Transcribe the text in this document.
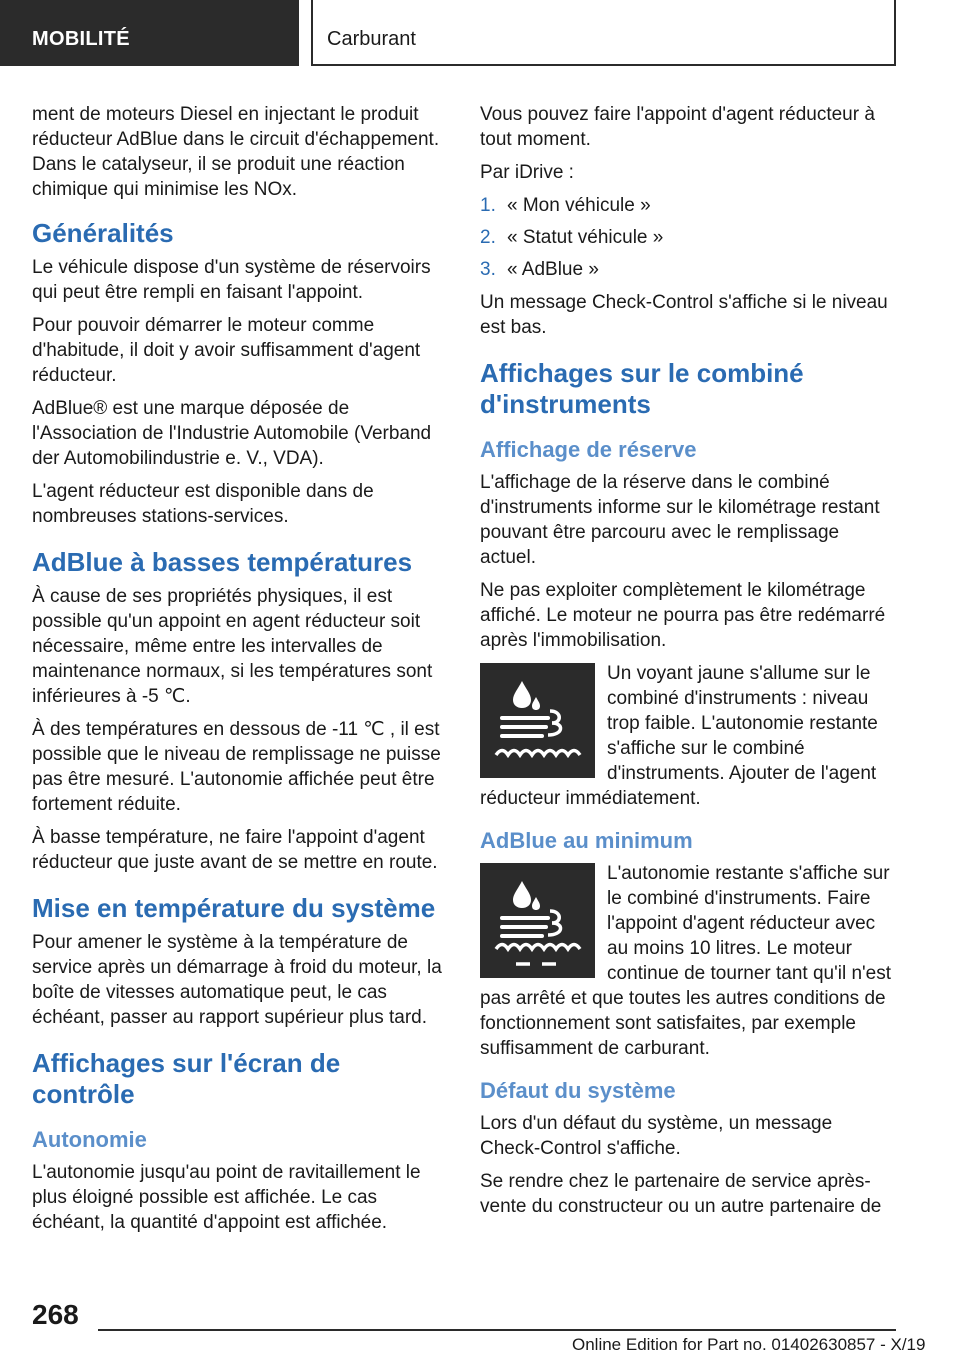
MOBILITÉ	Carburant

ment de moteurs Diesel en injectant le produit réducteur AdBlue dans le circuit d'échappement. Dans le catalyseur, il se produit une réaction chimique qui minimise les NOx.

Généralités

Le véhicule dispose d'un système de réservoirs qui peut être rempli en faisant l'appoint.

Pour pouvoir démarrer le moteur comme d'habitude, il doit y avoir suffisamment d'agent réducteur.

AdBlue® est une marque déposée de l'Association de l'Industrie Automobile (Verband der Automobilindustrie e. V., VDA).

L'agent réducteur est disponible dans de nombreuses stations-services.

AdBlue à basses températures

À cause de ses propriétés physiques, il est possible qu'un appoint en agent réducteur soit nécessaire, même entre les intervalles de maintenance normaux, si les températures sont inférieures à -5 ℃.

À des températures en dessous de -11 ℃ , il est possible que le niveau de remplissage ne puisse pas être mesuré. L'autonomie affichée peut être fortement réduite.

À basse température, ne faire l'appoint d'agent réducteur que juste avant de se mettre en route.

Mise en température du système

Pour amener le système à la température de service après un démarrage à froid du moteur, la boîte de vitesses automatique peut, le cas échéant, passer au rapport supérieur plus tard.

Affichages sur l'écran de contrôle
Autonomie

L'autonomie jusqu'au point de ravitaillement le plus éloigné possible est affichée. Le cas échéant, la quantité d'appoint est affichée.

Vous pouvez faire l'appoint d'agent réducteur à tout moment.

Par iDrive :

1. « Mon véhicule »
2. « Statut véhicule »
3. « AdBlue »

Un message Check-Control s'affiche si le niveau est bas.

Affichages sur le combiné d'instruments
Affichage de réserve

L'affichage de la réserve dans le combiné d'instruments informe sur le kilométrage restant pouvant être parcouru avec le remplissage actuel.

Ne pas exploiter complètement le kilométrage affiché. Le moteur ne pourra pas être redémarré après l'immobilisation.

Un voyant jaune s'allume sur le combiné d'instruments : niveau trop faible. L'autonomie restante s'affiche sur le combiné d'instruments. Ajouter de l'agent réducteur immédiatement.
AdBlue au minimum
L'autonomie restante s'affiche sur le combiné d'instruments. Faire l'appoint d'agent réducteur avec au moins 10 litres. Le moteur continue de tourner tant qu'il n'est pas arrêté et que toutes les autres conditions de fonctionnement sont satisfaites, par exemple suffisamment de carburant.
Défaut du système

Lors d'un défaut du système, un message Check-Control s'affiche.

Se rendre chez le partenaire de service après-vente du constructeur ou un autre partenaire de

268
Online Edition for Part no. 01402630857 - X/19
